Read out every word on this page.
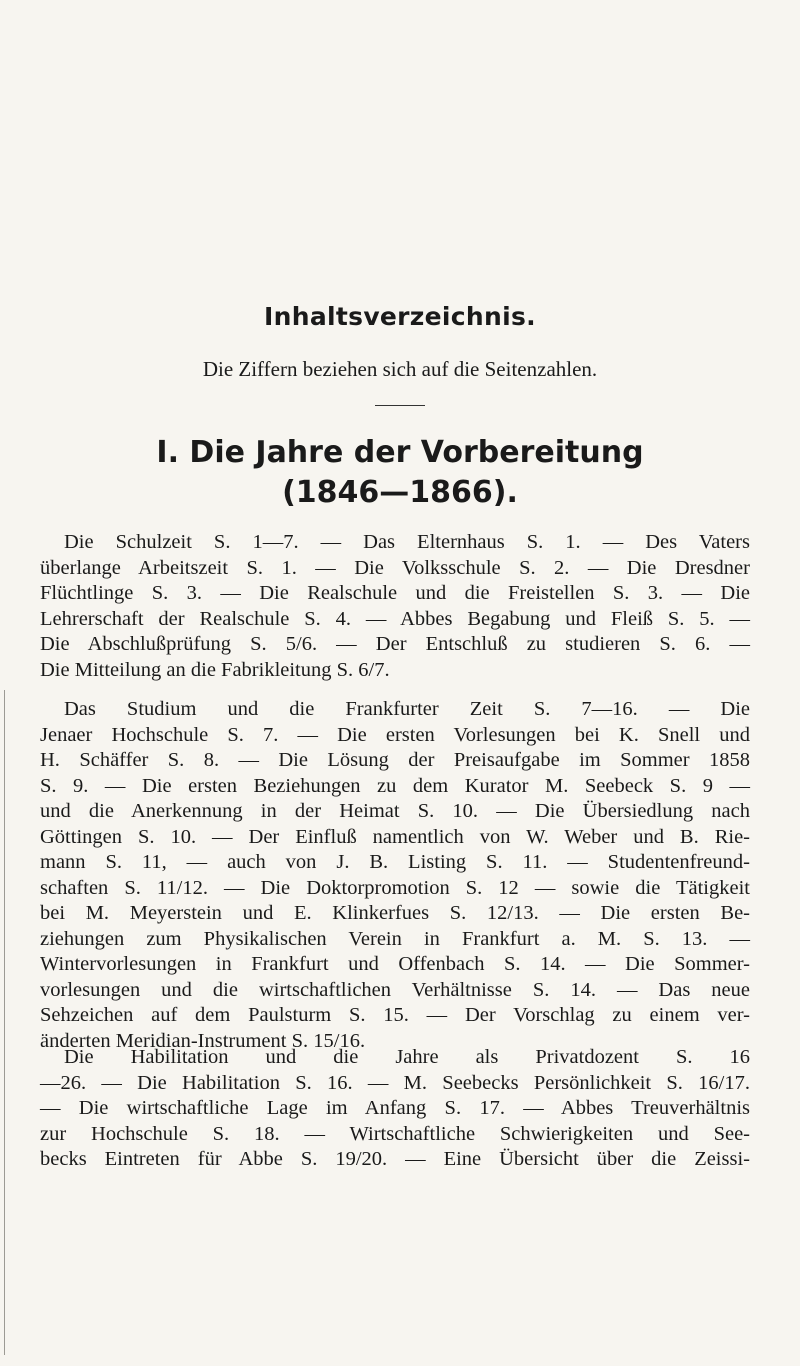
Inhaltsverzeichnis.
Die Ziffern beziehen sich auf die Seitenzahlen.
I. Die Jahre der Vorbereitung
(1846—1866).
Die Schulzeit S. 1—7. — Das Elternhaus S. 1. — Des Vaters
überlange Arbeitszeit S. 1. — Die Volksschule S. 2. — Die Dresdner
Flüchtlinge S. 3. — Die Realschule und die Freistellen S. 3. — Die
Lehrerschaft der Realschule S. 4. — Abbes Begabung und Fleiß S. 5. —
Die Abschlußprüfung S. 5/6. — Der Entschluß zu studieren S. 6. —
Die Mitteilung an die Fabrikleitung S. 6/7.
Das Studium und die Frankfurter Zeit S. 7—16. — Die
Jenaer Hochschule S. 7. — Die ersten Vorlesungen bei K. Snell und
H. Schäffer S. 8. — Die Lösung der Preisaufgabe im Sommer 1858
S. 9. — Die ersten Beziehungen zu dem Kurator M. Seebeck S. 9 —
und die Anerkennung in der Heimat S. 10. — Die Übersiedlung nach
Göttingen S. 10. — Der Einfluß namentlich von W. Weber und B. Rie-
mann S. 11, — auch von J. B. Listing S. 11. — Studentenfreund-
schaften S. 11/12. — Die Doktorpromotion S. 12 — sowie die Tätigkeit
bei M. Meyerstein und E. Klinkerfues S. 12/13. — Die ersten Be-
ziehungen zum Physikalischen Verein in Frankfurt a. M. S. 13. —
Wintervorlesungen in Frankfurt und Offenbach S. 14. — Die Sommer-
vorlesungen und die wirtschaftlichen Verhältnisse S. 14. — Das neue
Sehzeichen auf dem Paulsturm S. 15. — Der Vorschlag zu einem ver-
änderten Meridian-Instrument S. 15/16.
Die Habilitation und die Jahre als Privatdozent S. 16
—26. — Die Habilitation S. 16. — M. Seebecks Persönlichkeit S. 16/17.
— Die wirtschaftliche Lage im Anfang S. 17. — Abbes Treuverhältnis
zur Hochschule S. 18. — Wirtschaftliche Schwierigkeiten und See-
becks Eintreten für Abbe S. 19/20. — Eine Übersicht über die Zeissi-
